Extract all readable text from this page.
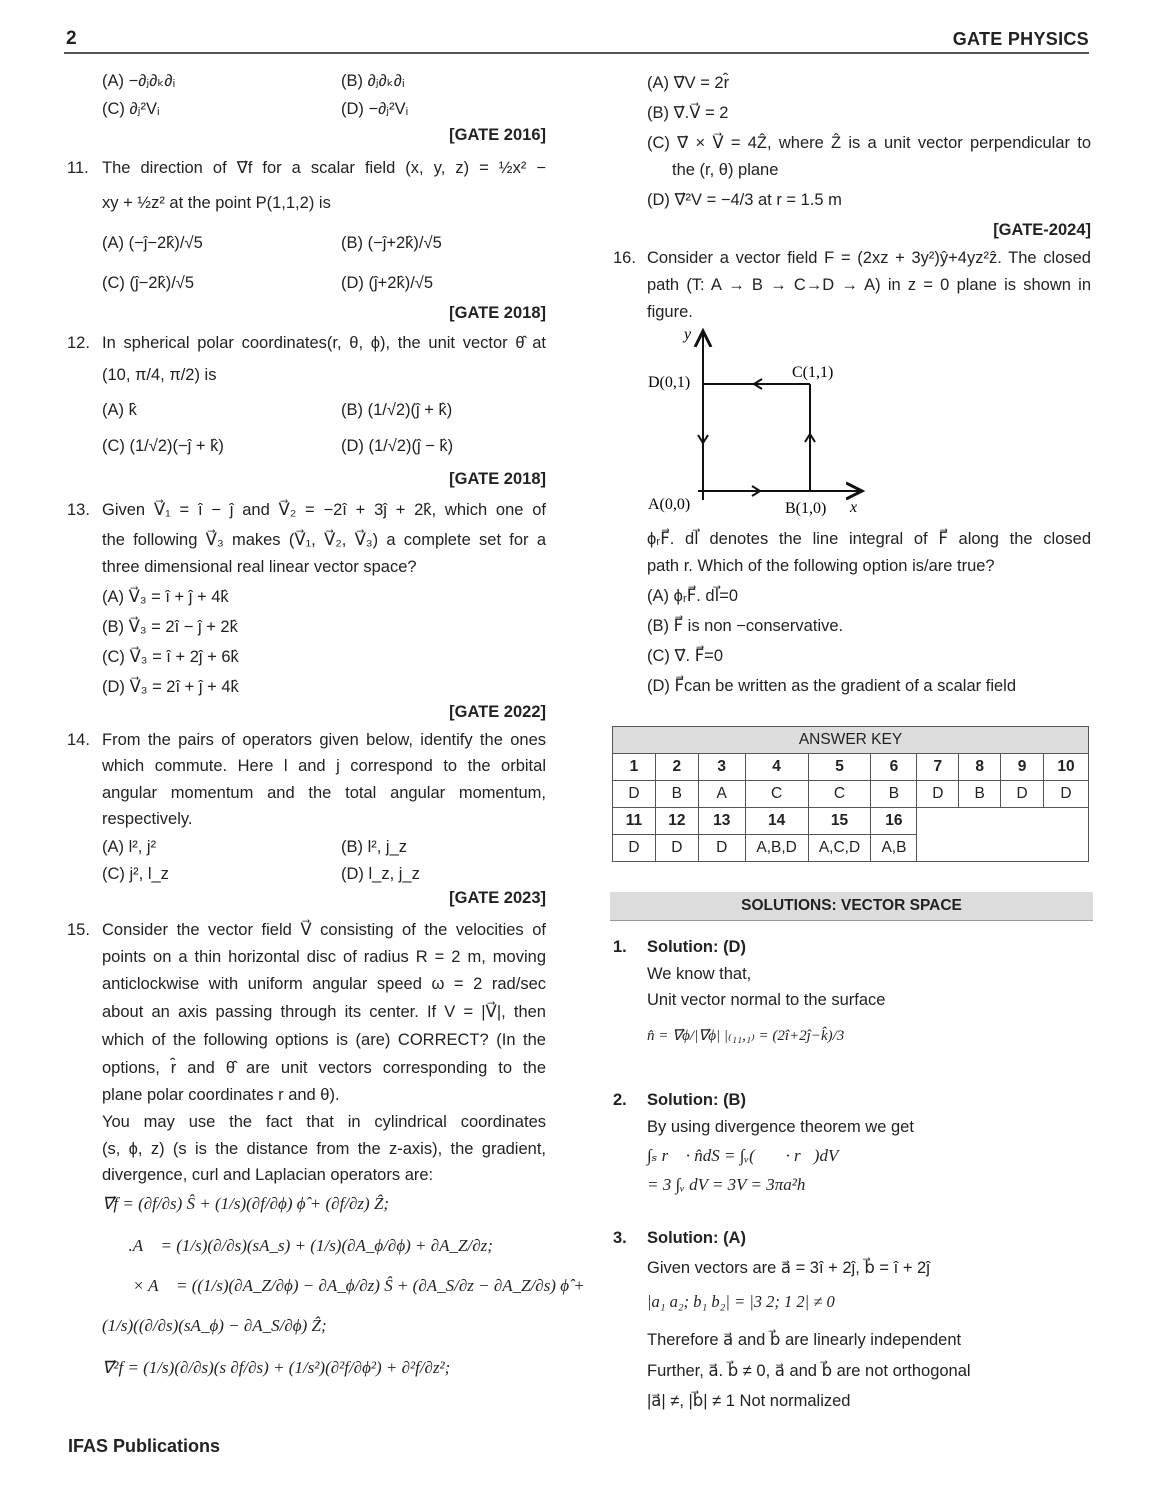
2	GATE PHYSICS
(A) −∂ⱼ∂ₖ∂ᵢ	(B) ∂ⱼ∂ₖ∂ᵢ
(C) ∂ⱼ²Vᵢ	(D) −∂ⱼ²Vᵢ
[GATE 2016]
11. The direction of ∇⃗f for a scalar field (x, y, z) = ½x² −
xy + ½z² at the point P(1,1,2) is
(A) (−ĵ−2k̂)/√5	(B) (−ĵ+2k̂)/√5
(C) (ĵ−2k̂)/√5	(D) (ĵ+2k̂)/√5
[GATE 2018]
12. In spherical polar coordinates(r, θ, ϕ), the unit vector θ̂ at
(10, π/4, π/2) is
(A) k̂	(B) (1/√2)(ĵ + k̂)
(C) (1/√2)(−ĵ + k̂)	(D) (1/√2)(ĵ − k̂)
[GATE 2018]
13. Given V⃗₁ = î − ĵ and V⃗₂ = −2î + 3ĵ + 2k̂, which one of
the following V⃗₃ makes (V⃗₁, V⃗₂, V⃗₃) a complete set for a
three dimensional real linear vector space?
(A) V⃗₃ = î + ĵ + 4k̂
(B) V⃗₃ = 2î − ĵ + 2k̂
(C) V⃗₃ = î + 2ĵ + 6k̂
(D) V⃗₃ = 2î + ĵ + 4k̂
[GATE 2022]
14. From the pairs of operators given below, identify the ones
which commute. Here l and j correspond to the orbital
angular momentum and the total angular momentum,
respectively.
(A) l², j²	(B) l², j_z
(C) j², l_z	(D) l_z, j_z
[GATE 2023]
15. Consider the vector field V⃗ consisting of the velocities of
points on a thin horizontal disc of radius R = 2 m, moving
anticlockwise with uniform angular speed ω = 2 rad/sec
about an axis passing through its center. If V = |V⃗|, then
which of the following options is (are) CORRECT? (In the
options, r̂ and θ̂ are unit vectors corresponding to the
plane polar coordinates r and θ).
You may use the fact that in cylindrical coordinates
(s, ϕ, z) (s is the distance from the z-axis), the gradient,
divergence, curl and Laplacian operators are:
∇⃗f = (∂f/∂s) Ŝ + (1/s)(∂f/∂ϕ) ϕ̂ + (∂f/∂z) Ẑ;
∇⃗.A⃗ = (1/s)(∂/∂s)(sA_s) + (1/s)(∂A_ϕ/∂ϕ) + ∂A_Z/∂z;
∇⃗ × A⃗ = ((1/s)(∂A_Z/∂ϕ) − ∂A_ϕ/∂z) Ŝ + (∂A_S/∂z − ∂A_Z/∂s) ϕ̂ +
(1/s)((∂/∂s)(sA_ϕ) − ∂A_S/∂ϕ) Ẑ;
∇⃗²f = (1/s)(∂/∂s)(s ∂f/∂s) + (1/s²)(∂²f/∂ϕ²) + ∂²f/∂z²;
(A) ∇⃗V = 2r̂
(B) ∇⃗.V⃗ = 2
(C) ∇⃗ × V⃗ = 4Ẑ, where Ẑ is a unit vector perpendicular to
the (r, θ) plane
(D) ∇⃗²V = −4/3 at r = 1.5 m
[GATE-2024]
16. Consider a vector field F = (2xz + 3y²)ŷ+4yz²ẑ. The closed
path (T: A → B → C→D → A) in z = 0 plane is shown in
figure.
y
x
D(0,1)
C(1,1)
A(0,0)	B(1,0)
ϕᵣF⃗. dl⃗ denotes the line integral of F⃗ along the closed
path r. Which of the following option is/are true?
(A) ϕᵣF⃗. dl⃗=0
(B) F⃗ is non −conservative.
(C) ∇⃗. F⃗=0
(D) F⃗can be written as the gradient of a scalar field
ANSWER KEY									
1	2	3	4	5	6	7	8	9	10
D	B	A	C	C	B	D	B	D	D
11	12	13	14	15	16				
D	D	D	A,B,D	A,C,D	A,B				
SOLUTIONS: VECTOR SPACE
1. Solution: (D)
We know that,
Unit vector normal to the surface
n̂ = ∇⃗ϕ/|∇⃗ϕ| |₍₁₁,₁₎ = (2î+2ĵ−k̂)/3
2. Solution: (B)
By using divergence theorem we get
∫ₛ r⃗ · n̂dS = ∫ᵥ(∇⃗ · r⃗)dV
= 3 ∫ᵥ dV = 3V = 3πa²h
3. Solution: (A)
Given vectors are a⃗ = 3î + 2ĵ, b⃗ = î + 2ĵ
|a₁ a₂; b₁ b₂| = |3 2; 1 2| ≠ 0
Therefore a⃗ and b⃗ are linearly independent
Further, a⃗. b⃗ ≠ 0, a⃗ and b⃗ are not orthogonal
|a⃗| ≠, |b⃗| ≠ 1 Not normalized
IFAS Publications
